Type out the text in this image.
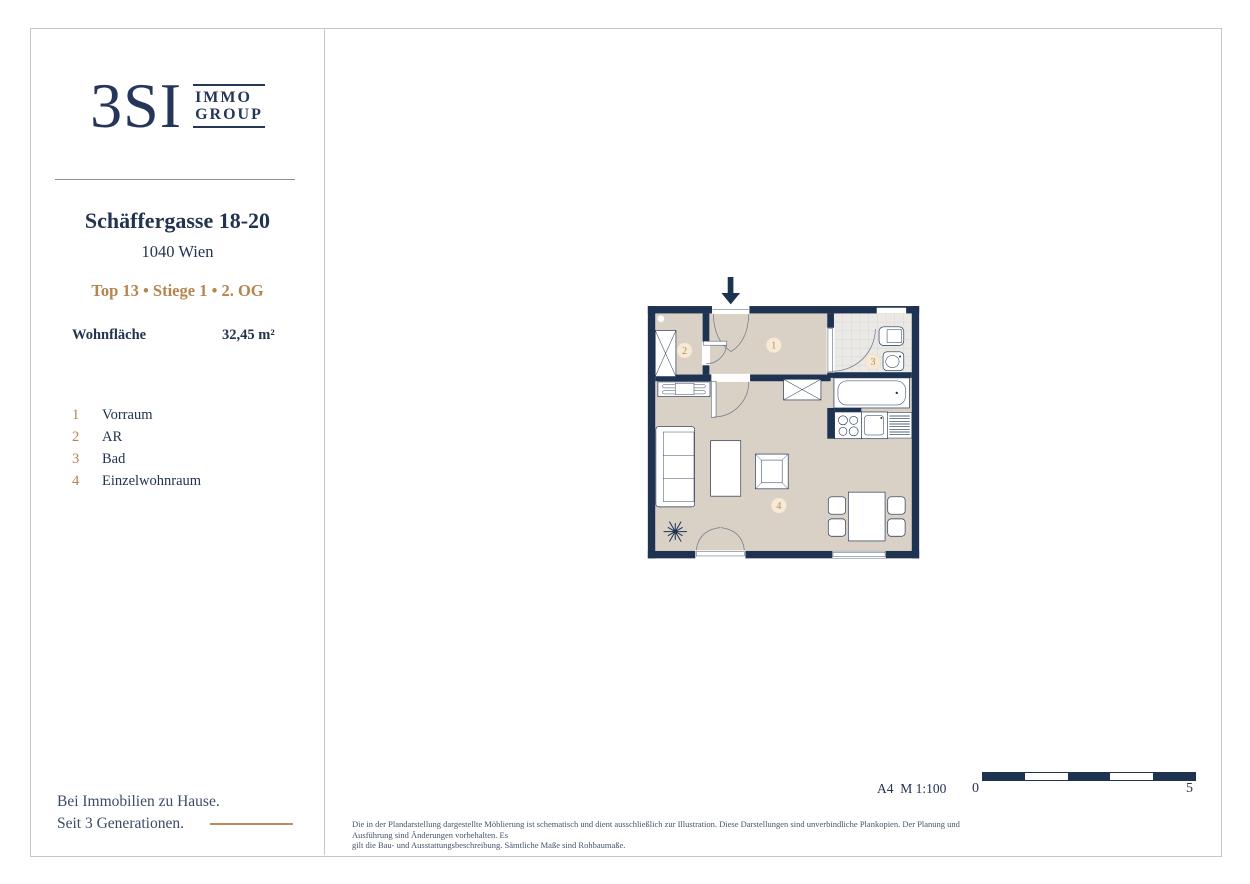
3SI IMMO
GROUP
Schäffergasse 18-20
1040 Wien
Top 13 • Stiege 1 • 2. OG
Wohnfläche	32,45 m²
1 Vorraum
2 AR
3 Bad
4 Einzelwohnraum
Bei Immobilien zu Hause.
Seit 3 Generationen.
1
2
3
4
A4  M 1:100 0	5
Die in der Plandarstellung dargestellte Möblierung ist schematisch und dient ausschließlich zur Illustration. Diese Darstellungen sind unverbindliche Plankopien. Der Planung und Ausführung sind Änderungen vorbehalten. Es
gilt die Bau- und Ausstattungsbeschreibung. Sämtliche Maße sind Rohbaumaße.
